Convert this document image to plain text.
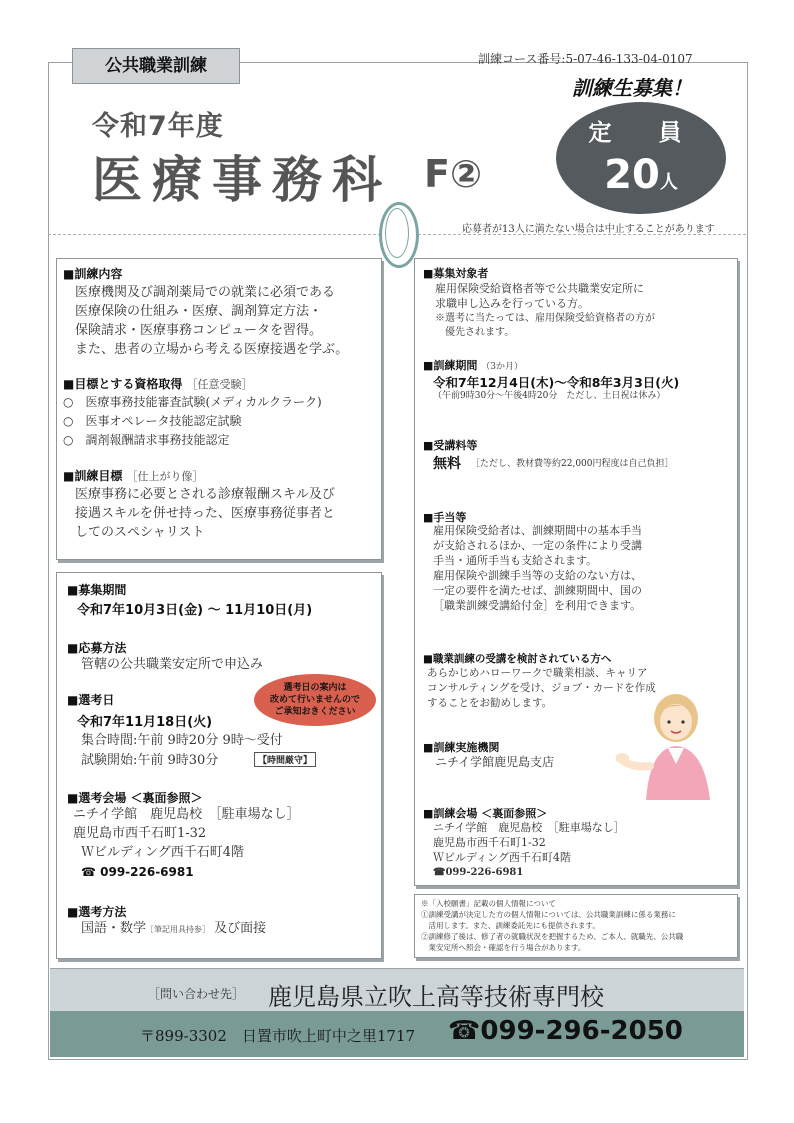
公共職業訓練	訓練コース番号:5-07-46-133-04-0107
訓練生募集！
令和7年度
医療事務科 F②
定　員
20人
応募者が13人に満たない場合は中止することがあります
■訓練内容
医療機関及び調剤薬局での就業に必須である
医療保険の仕組み・医療、調剤算定方法・
保険請求・医療事務コンピュータを習得。
また、患者の立場から考える医療接遇を学ぶ。
■目標とする資格取得 ［任意受験］
○　医療事務技能審査試験(メディカルクラーク)
○　医事オペレータ技能認定試験
○　調剤報酬請求事務技能認定
■訓練目標 ［仕上がり像］
医療事務に必要とされる診療報酬スキル及び
接遇スキルを併せ持った、医療事務従事者と
してのスペシャリスト
■募集期間
令和7年10月3日(金) ～ 11月10日(月)
■応募方法
管轄の公共職業安定所で申込み
■選考日
令和7年11月18日(火)
集合時間:午前 9時20分 9時～受付
試験開始:午前 9時30分
■選考会場 ＜裏面参照＞
ニチイ学館　鹿児島校　［駐車場なし］
鹿児島市西千石町1-32
Ｗビルディング西千石町4階
☎ 099-226-6981
■選考方法
国語・数学［筆記用具持参］ 及び面接
選考日の案内は
改めて行いませんので
ご承知おきください
【時間厳守】
■募集対象者
雇用保険受給資格者等で公共職業安定所に
求職申し込みを行っている方。
※選考に当たっては、雇用保険受給資格者の方が
　優先されます。
■訓練期間 （3か月）
令和7年12月4日(木)～令和8年3月3日(火)
（午前9時30分～午後4時20分　ただし、土日祝は休み）
■受講料等
無料 ［ただし、教材費等約22,000円程度は自己負担］
■手当等
雇用保険受給者は、訓練期間中の基本手当
が支給されるほか、一定の条件により受講
手当・通所手当も支給されます。
雇用保険や訓練手当等の支給のない方は、
一定の要件を満たせば、訓練期間中、国の
［職業訓練受講給付金］を利用できます。
■職業訓練の受講を検討されている方へ
あらかじめハローワークで職業相談、キャリア
コンサルティングを受け、ジョブ・カードを作成
することをお勧めします。
■訓練実施機関
ニチイ学館鹿児島支店
■訓練会場 ＜裏面参照＞
ニチイ学館　鹿児島校　［駐車場なし］
鹿児島市西千石町1-32
Ｗビルディング西千石町4階
☎099-226-6981
※「入校願書」記載の個人情報について
①訓練受講が決定した方の個人情報については、公共職業訓練に係る業務に
　活用します。また、訓練委託先にも提供されます。
②訓練修了後は、修了者の就職状況を把握するため、ご本人、就職先、公共職
　業安定所へ照会・確認を行う場合があります。
［問い合わせ先］ 鹿児島県立吹上高等技術専門校
〒899-3302　日置市吹上町中之里1717 ☎099-296-2050
